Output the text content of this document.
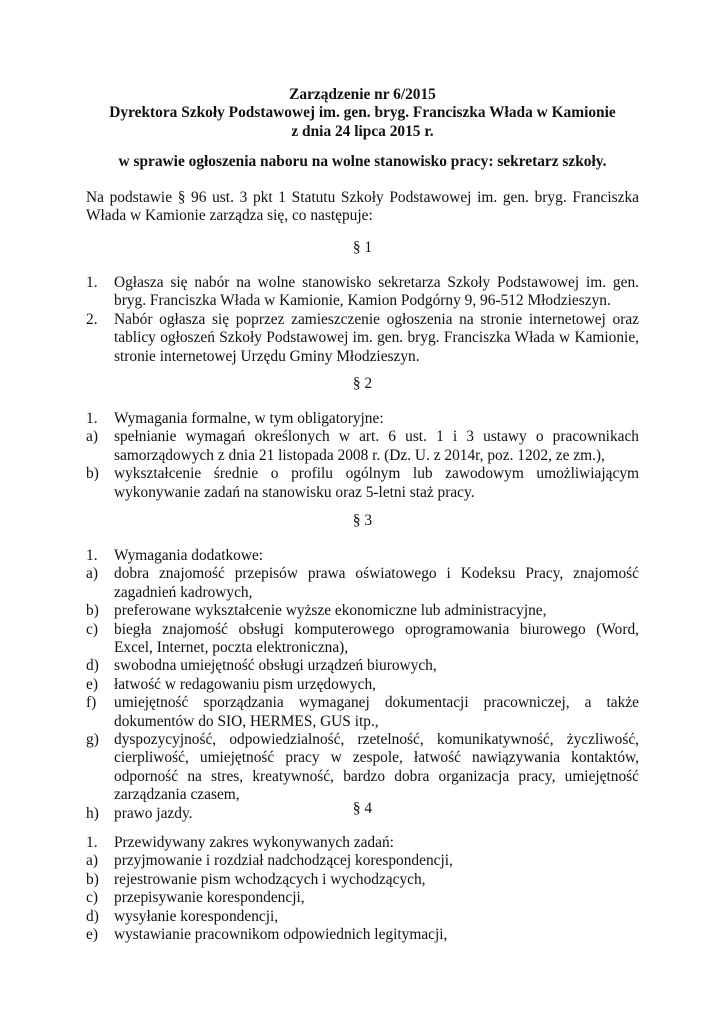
Zarządzenie nr 6/2015
Dyrektora Szkoły Podstawowej im. gen. bryg. Franciszka Włada w Kamionie
z dnia 24 lipca 2015 r.
w sprawie ogłoszenia naboru na wolne stanowisko pracy: sekretarz szkoły.
Na podstawie § 96 ust. 3 pkt 1 Statutu Szkoły Podstawowej im. gen. bryg. Franciszka Włada w Kamionie zarządza się, co następuje:
§ 1
1. Ogłasza się nabór na wolne stanowisko sekretarza Szkoły Podstawowej im. gen. bryg. Franciszka Włada w Kamionie, Kamion Podgórny 9, 96-512 Młodzieszyn.
2. Nabór ogłasza się poprzez zamieszczenie ogłoszenia na stronie internetowej oraz tablicy ogłoszeń Szkoły Podstawowej im. gen. bryg. Franciszka Włada w Kamionie, stronie internetowej Urzędu Gminy Młodzieszyn.
§ 2
1. Wymagania formalne, w tym obligatoryjne:
a) spełnianie wymagań określonych w art. 6 ust. 1 i 3 ustawy o pracownikach samorządowych z dnia 21 listopada 2008 r. (Dz. U. z 2014r, poz. 1202, ze zm.),
b) wykształcenie średnie o profilu ogólnym lub zawodowym umożliwiającym wykonywanie zadań na stanowisku oraz 5-letni staż pracy.
§ 3
1. Wymagania dodatkowe:
a) dobra znajomość przepisów prawa oświatowego i Kodeksu Pracy, znajomość zagadnień kadrowych,
b) preferowane wykształcenie wyższe ekonomiczne lub administracyjne,
c) biegła znajomość obsługi komputerowego oprogramowania biurowego (Word, Excel, Internet, poczta elektroniczna),
d) swobodna umiejętność obsługi urządzeń biurowych,
e) łatwość w redagowaniu pism urzędowych,
f) umiejętność sporządzania wymaganej dokumentacji pracowniczej, a także dokumentów do SIO, HERMES, GUS itp.,
g) dyspozycyjność, odpowiedzialność, rzetelność, komunikatywność, życzliwość, cierpliwość, umiejętność pracy w zespole, łatwość nawiązywania kontaktów, odporność na stres, kreatywność, bardzo dobra organizacja pracy, umiejętność zarządzania czasem,
h) prawo jazdy.	§ 4
1. Przewidywany zakres wykonywanych zadań:
a) przyjmowanie i rozdział nadchodzącej korespondencji,
b) rejestrowanie pism wchodzących i wychodzących,
c) przepisywanie korespondencji,
d) wysyłanie korespondencji,
e) wystawianie pracownikom odpowiednich legitymacji,
